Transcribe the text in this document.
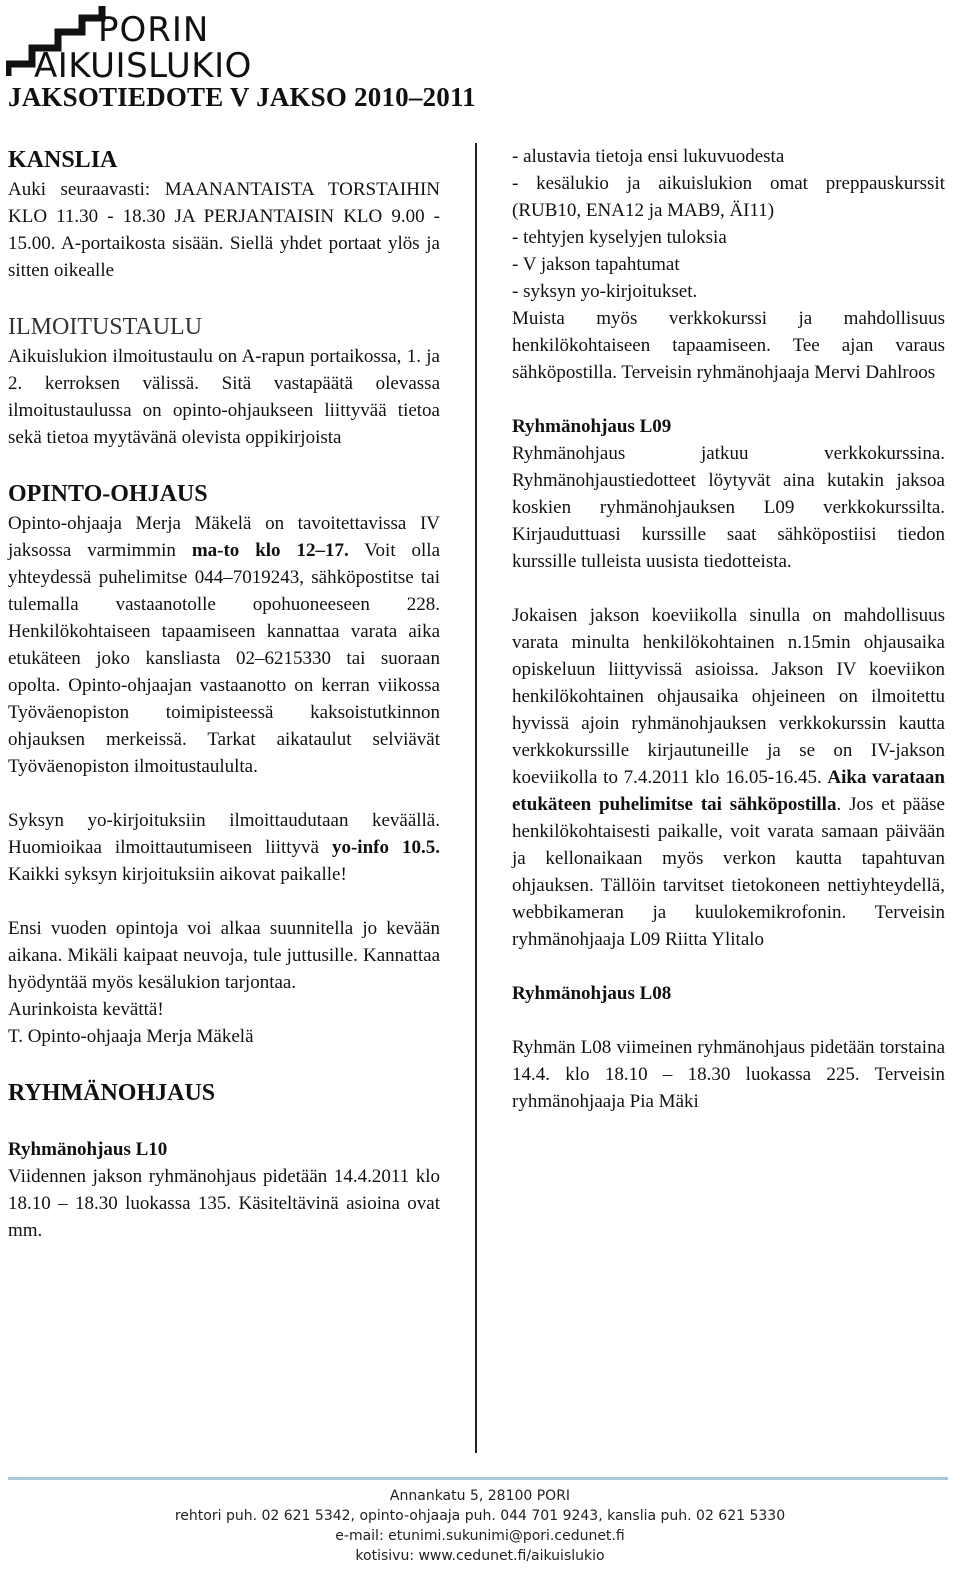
PORIN
AIKUISLUKIO
JAKSOTIEDOTE V JAKSO 2010–2011
KANSLIA

Auki seuraavasti: MAANANTAISTA TORSTAIHIN KLO 11.30 - 18.30 JA PERJANTAISIN KLO 9.00 - 15.00. A-portaikosta sisään. Siellä yhdet portaat ylös ja sitten oikealle

ILMOITUSTAULU

Aikuislukion ilmoitustaulu on A-rapun portaikossa, 1. ja 2. kerroksen välissä. Sitä vastapäätä olevassa ilmoitustaulussa on opinto-ohjaukseen liittyvää tietoa sekä tietoa myytävänä olevista oppikirjoista

OPINTO-OHJAUS

Opinto-ohjaaja Merja Mäkelä on tavoitettavissa IV jaksossa varmimmin ma-to klo 12–17. Voit olla yhteydessä puhelimitse 044–7019243, sähköpostitse tai tulemalla vastaanotolle opohuoneeseen 228. Henkilökohtaiseen tapaamiseen kannattaa varata aika etukäteen joko kansliasta 02–6215330 tai suoraan opolta. Opinto-ohjaajan vastaanotto on kerran viikossa Työväenopiston toimipisteessä kaksoistutkinnon ohjauksen merkeissä. Tarkat aikataulut selviävät Työväenopiston ilmoitustaululta.

Syksyn yo-kirjoituksiin ilmoittaudutaan keväällä. Huomioikaa ilmoittautumiseen liittyvä yo-info 10.5. Kaikki syksyn kirjoituksiin aikovat paikalle!

Ensi vuoden opintoja voi alkaa suunnitella jo kevään aikana. Mikäli kaipaat neuvoja, tule juttusille. Kannattaa hyödyntää myös kesälukion tarjontaa.

Aurinkoista kevättä!

T. Opinto-ohjaaja Merja Mäkelä

RYHMÄNOHJAUS
Ryhmänohjaus L10

Viidennen jakson ryhmänohjaus pidetään 14.4.2011 klo 18.10 – 18.30 luokassa 135. Käsiteltävinä asioina ovat mm.

- alustavia tietoja ensi lukuvuodesta

- kesälukio ja aikuislukion omat preppauskurssit (RUB10, ENA12 ja MAB9, ÄI11)

- tehtyjen kyselyjen tuloksia

- V jakson tapahtumat

- syksyn yo-kirjoitukset.

Muista myös verkkokurssi ja mahdollisuus henkilökohtaiseen tapaamiseen. Tee ajan varaus sähköpostilla. Terveisin ryhmänohjaaja Mervi Dahlroos

Ryhmänohjaus L09

Ryhmänohjaus jatkuu verkkokurssina. Ryhmänohjaustiedotteet löytyvät aina kutakin jaksoa koskien ryhmänohjauksen L09 verkkokurssilta. Kirjauduttuasi kurssille saat sähköpostiisi tiedon kurssille tulleista uusista tiedotteista.

Jokaisen jakson koeviikolla sinulla on mahdollisuus varata minulta henkilökohtainen n.15min ohjausaika opiskeluun liittyvissä asioissa. Jakson IV koeviikon henkilökohtainen ohjausaika ohjeineen on ilmoitettu hyvissä ajoin ryhmänohjauksen verkkokurssin kautta verkkokurssille kirjautuneille ja se on IV-jakson koeviikolla to 7.4.2011 klo 16.05-16.45. Aika varataan etukäteen puhelimitse tai sähköpostilla. Jos et pääse henkilökohtaisesti paikalle, voit varata samaan päivään ja kellonaikaan myös verkon kautta tapahtuvan ohjauksen. Tällöin tarvitset tietokoneen nettiyhteydellä, webbikameran ja kuulokemikrofonin. Terveisin ryhmänohjaaja L09 Riitta Ylitalo

Ryhmänohjaus L08

Ryhmän L08 viimeinen ryhmänohjaus pidetään torstaina 14.4. klo 18.10 – 18.30 luokassa 225. Terveisin ryhmänohjaaja Pia Mäki

Annankatu 5, 28100 PORI
rehtori puh. 02 621 5342, opinto-ohjaaja puh. 044 701 9243, kanslia puh. 02 621 5330
e-mail: etunimi.sukunimi@pori.cedunet.fi
kotisivu: www.cedunet.fi/aikuislukio
